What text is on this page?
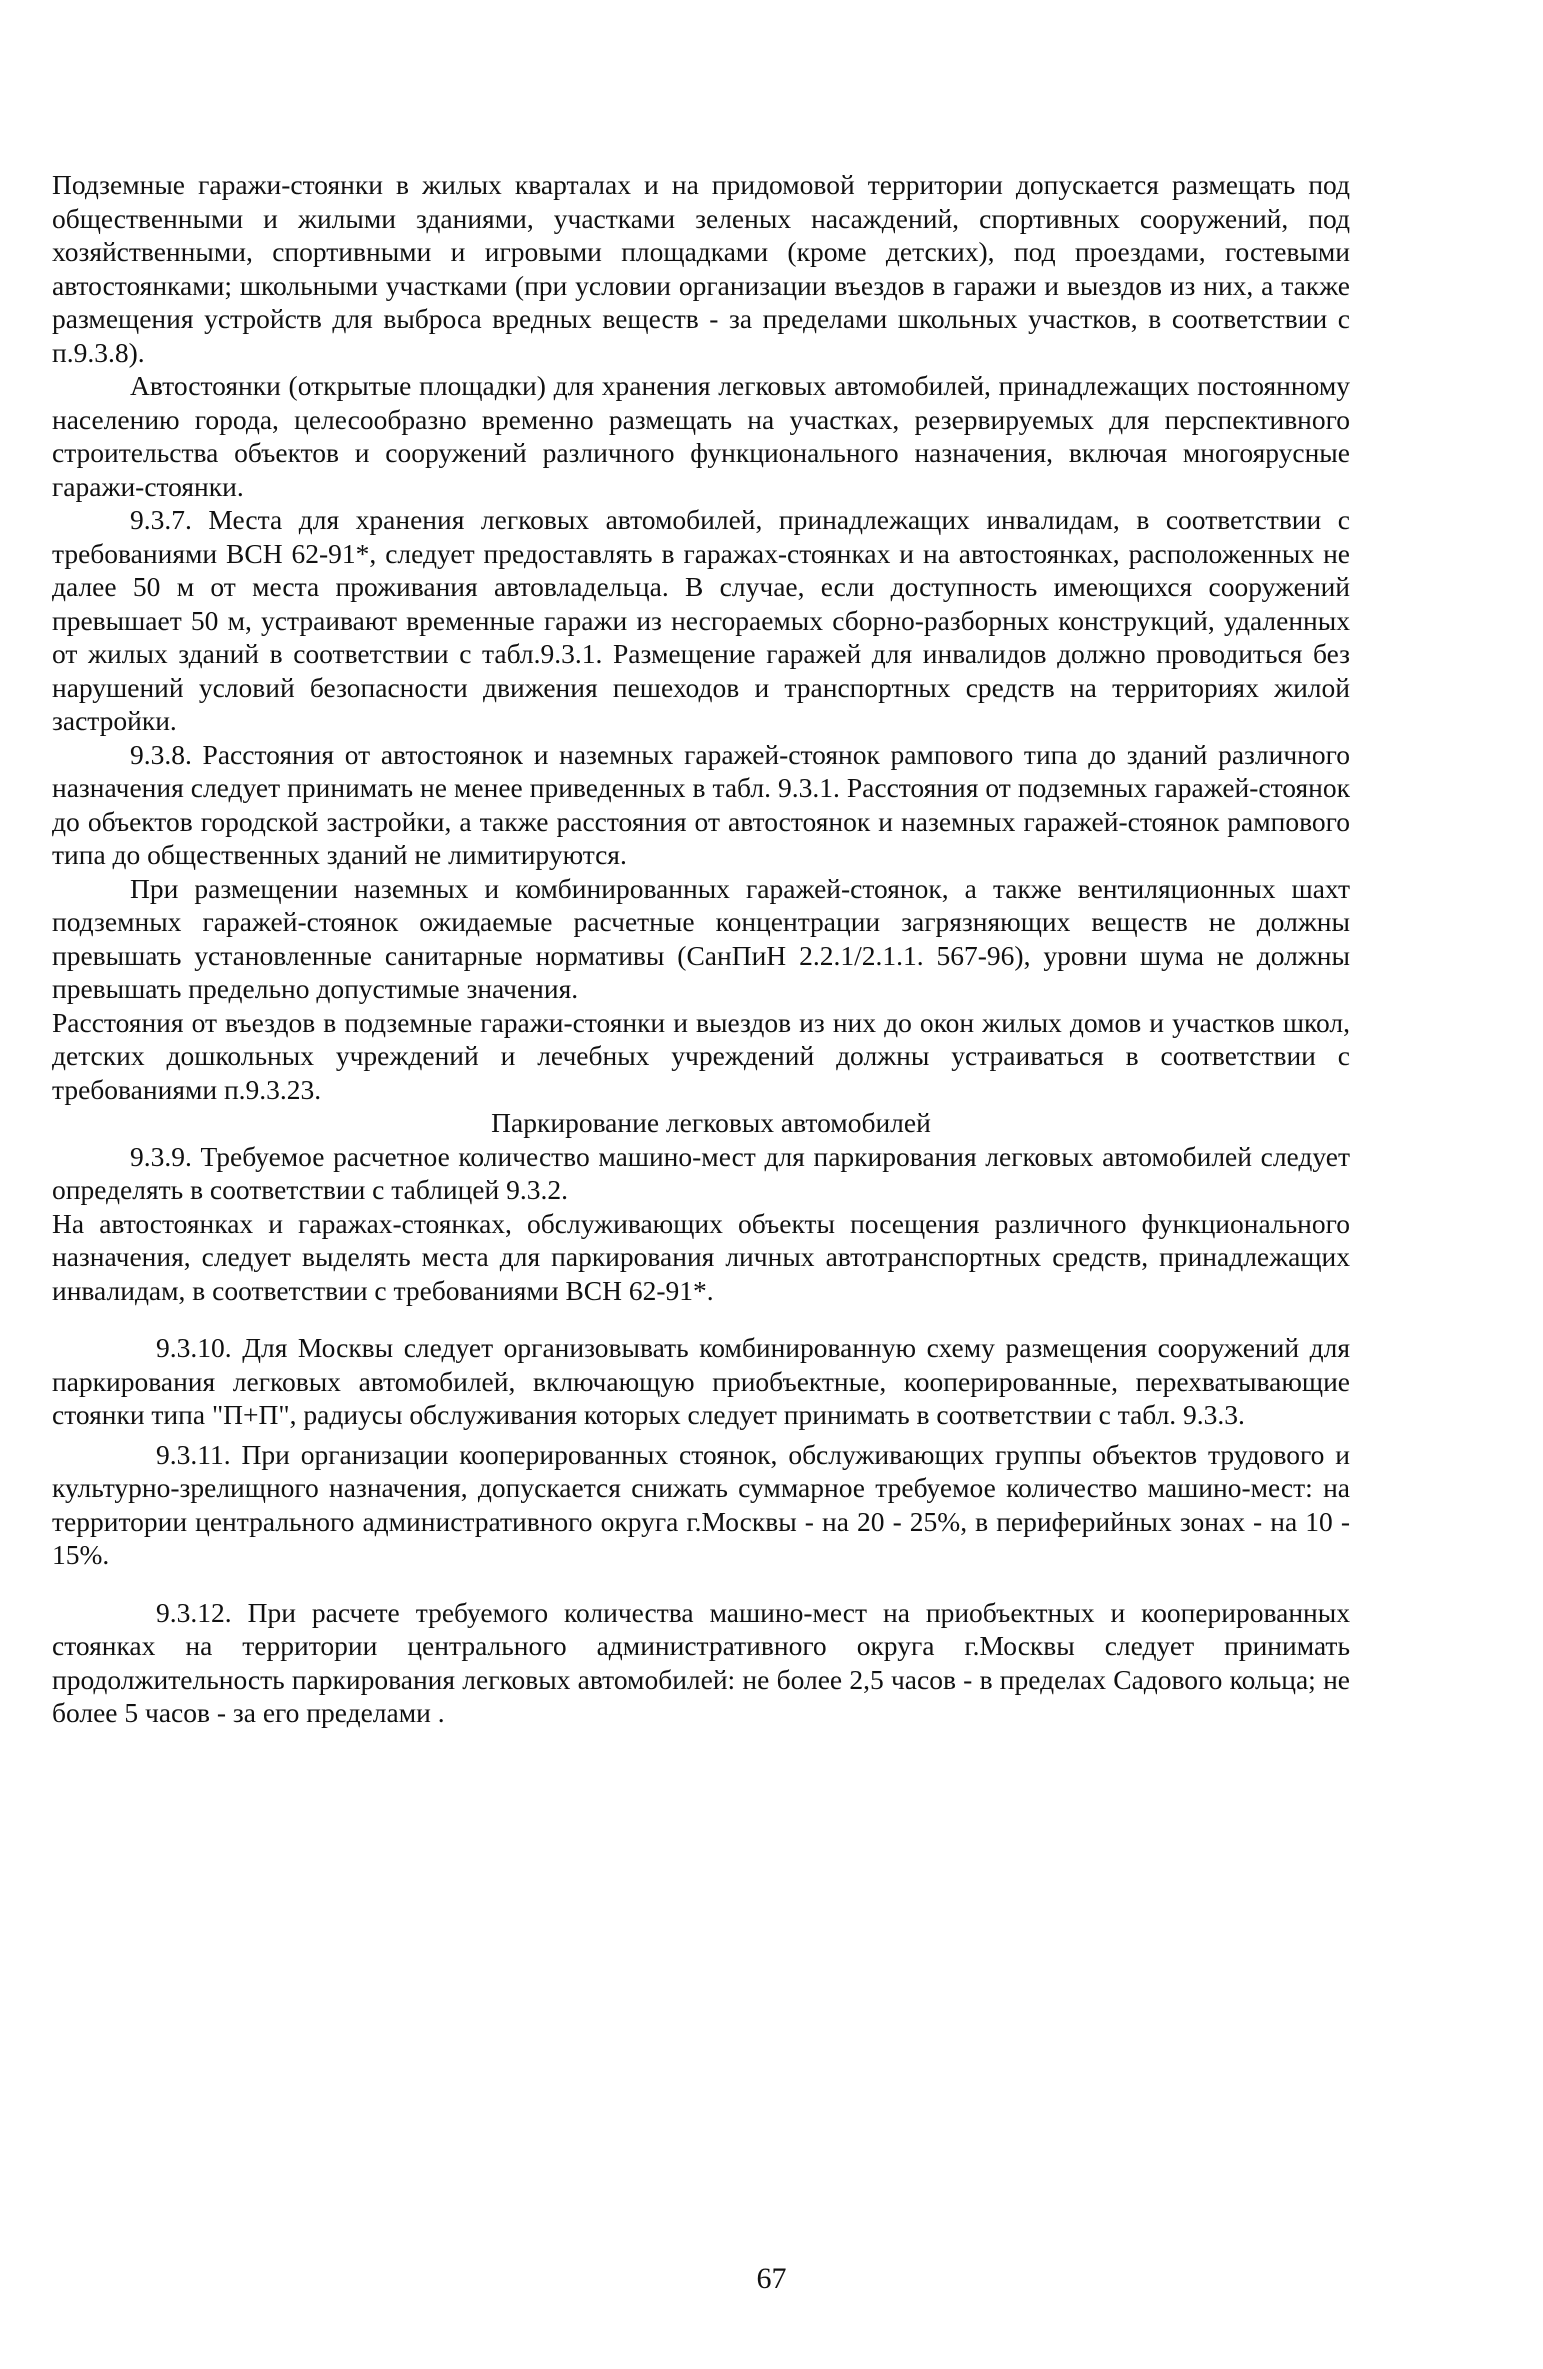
Подземные гаражи-стоянки в жилых кварталах и на придомовой территории допускается размещать под общественными и жилыми зданиями, участками зеленых насаждений, спортивных сооружений, под хозяйственными, спортивными и игровыми площадками (кроме детских), под проездами, гостевыми автостоянками; школьными участками (при условии организации въездов в гаражи и выездов из них, а также размещения устройств для выброса вредных веществ - за пределами школьных участков, в соответствии с п.9.3.8).

Автостоянки (открытые площадки) для хранения легковых автомобилей, принадлежащих постоянному населению города, целесообразно временно размещать на участках, резервируемых для перспективного строительства объектов и сооружений различного функционального назначения, включая многоярусные гаражи-стоянки.

9.3.7. Места для хранения легковых автомобилей, принадлежащих инвалидам, в соответствии с требованиями ВСН 62-91*, следует предоставлять в гаражах-стоянках и на автостоянках, расположенных не далее 50 м от места проживания автовладельца. В случае, если доступность имеющихся сооружений превышает 50 м, устраивают временные гаражи из несгораемых сборно-разборных конструкций, удаленных от жилых зданий в соответствии с табл.9.3.1. Размещение гаражей для инвалидов должно проводиться без нарушений условий безопасности движения пешеходов и транспортных средств на территориях жилой застройки.

9.3.8. Расстояния от автостоянок и наземных гаражей-стоянок рампового типа до зданий различного назначения следует принимать не менее приведенных в табл. 9.3.1. Расстояния от подземных гаражей-стоянок до объектов городской застройки, а также расстояния от автостоянок и наземных гаражей-стоянок рампового типа до общественных зданий не лимитируются.

При размещении наземных и комбинированных гаражей-стоянок, а также вентиляционных шахт подземных гаражей-стоянок ожидаемые расчетные концентрации загрязняющих веществ не должны превышать установленные санитарные нормативы (СанПиН 2.2.1/2.1.1. 567-96), уровни шума не должны превышать предельно допустимые значения.

Расстояния от въездов в подземные гаражи-стоянки и выездов из них до окон жилых домов и участков школ, детских дошкольных учреждений и лечебных учреждений должны устраиваться в соответствии с требованиями п.9.3.23.

Паркирование легковых автомобилей

9.3.9. Требуемое расчетное количество машино-мест для паркирования легковых автомобилей следует определять в соответствии с таблицей 9.3.2.

На автостоянках и гаражах-стоянках, обслуживающих объекты посещения различного функционального назначения, следует выделять места для паркирования личных автотранспортных средств, принадлежащих инвалидам, в соответствии с требованиями ВСН 62-91*.

9.3.10. Для Москвы следует организовывать комбинированную схему размещения сооружений для паркирования легковых автомобилей, включающую приобъектные, кооперированные, перехватывающие стоянки типа "П+П", радиусы обслуживания которых следует принимать в соответствии с табл. 9.3.3.

9.3.11. При организации кооперированных стоянок, обслуживающих группы объектов трудового и культурно-зрелищного назначения, допускается снижать суммарное требуемое количество машино-мест: на территории центрального административного округа г.Москвы - на 20 - 25%, в периферийных зонах - на 10 - 15%.

9.3.12. При расчете требуемого количества машино-мест на приобъектных и кооперированных стоянках на территории центрального административного округа г.Москвы следует принимать продолжительность паркирования легковых автомобилей: не более 2,5 часов - в пределах Садового кольца; не более 5 часов - за его пределами .

67
